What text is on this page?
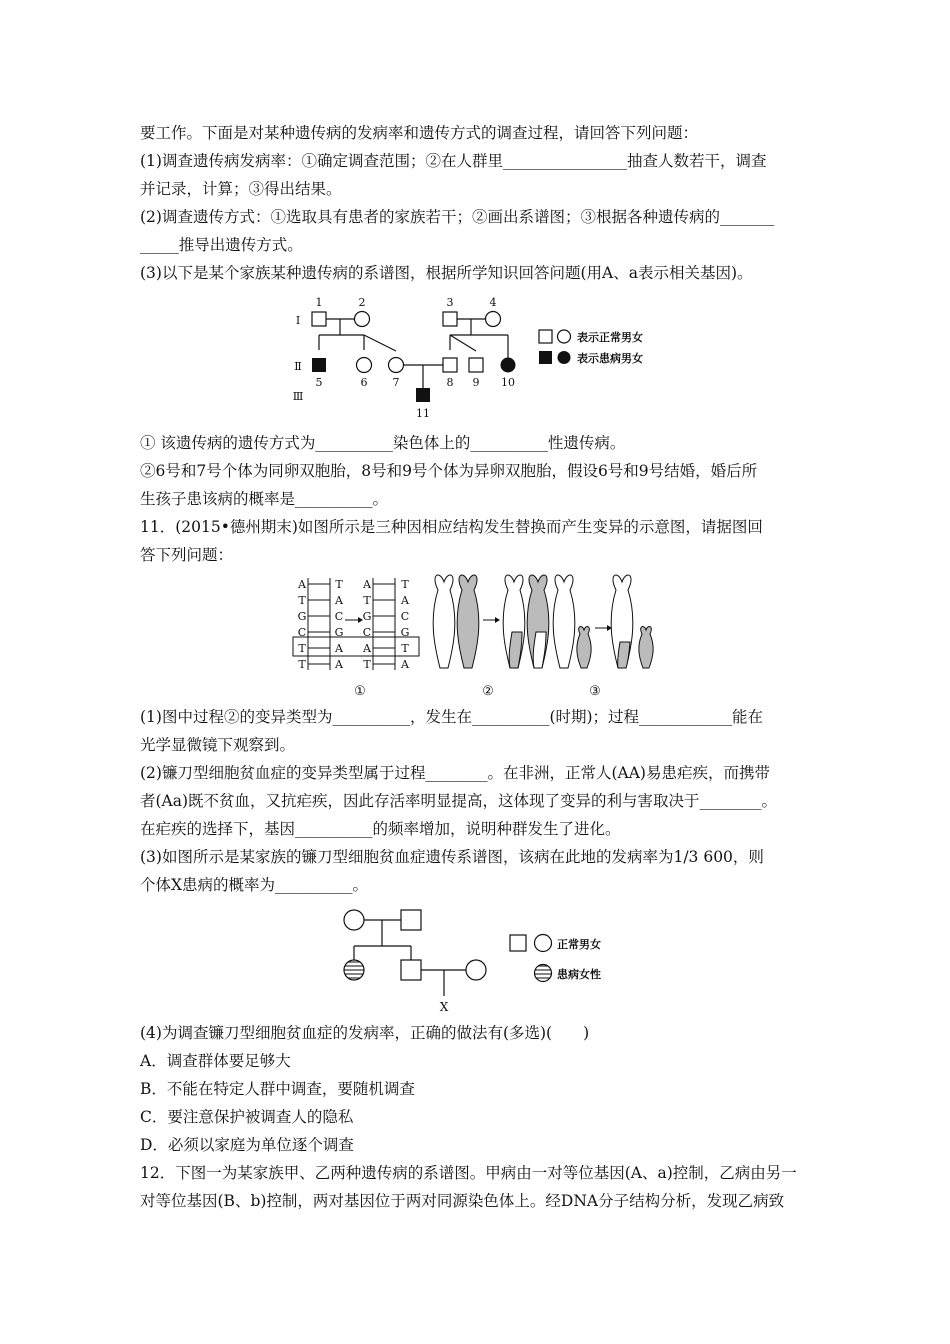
要工作。下面是对某种遗传病的发病率和遗传方式的调查过程，请回答下列问题：
(1)调查遗传病发病率：①确定调查范围；②在人群里________________抽查人数若干，调查
并记录，计算；③得出结果。
(2)调查遗传方式：①选取具有患者的家族若干；②画出系谱图；③根据各种遗传病的_______
_____推导出遗传方式。
(3)以下是某个家族某种遗传病的系谱图，根据所学知识回答问题(用A、a表示相关基因)。
Ⅰ
Ⅱ
Ⅲ
1	2	3	4
5	6 7	8 9 10
11
表示正常男女
表示患病男女
① 该遗传病的遗传方式为__________染色体上的__________性遗传病。
②6号和7号个体为同卵双胞胎，8号和9号个体为异卵双胞胎，假设6号和9号结婚，婚后所
生孩子患该病的概率是__________。
11．(2015•德州期末)如图所示是三种因相应结构发生替换而产生变异的示意图，请据图回
答下列问题：
A
T
G
C
T
T
T
A
C
G
A
A
A
T
G
C
A
T
T
A
C
G
T
A
①	②	③
(1)图中过程②的变异类型为__________，发生在__________(时期)；过程____________能在
光学显微镜下观察到。
(2)镰刀型细胞贫血症的变异类型属于过程________。在非洲，正常人(AA)易患疟疾，而携带
者(Aa)既不贫血，又抗疟疾，因此存活率明显提高，这体现了变异的利与害取决于________。
在疟疾的选择下，基因__________的频率增加，说明种群发生了进化。
(3)如图所示是某家族的镰刀型细胞贫血症遗传系谱图，该病在此地的发病率为1/3 600，则
个体X患病的概率为__________。
X
正常男女
患病女性
(4)为调查镰刀型细胞贫血症的发病率，正确的做法有(多选)(　　)
A．调查群体要足够大
B．不能在特定人群中调查，要随机调查
C．要注意保护被调查人的隐私
D．必须以家庭为单位逐个调查
12．下图一为某家族甲、乙两种遗传病的系谱图。甲病由一对等位基因(A、a)控制，乙病由另一
对等位基因(B、b)控制，两对基因位于两对同源染色体上。经DNA分子结构分析，发现乙病致
